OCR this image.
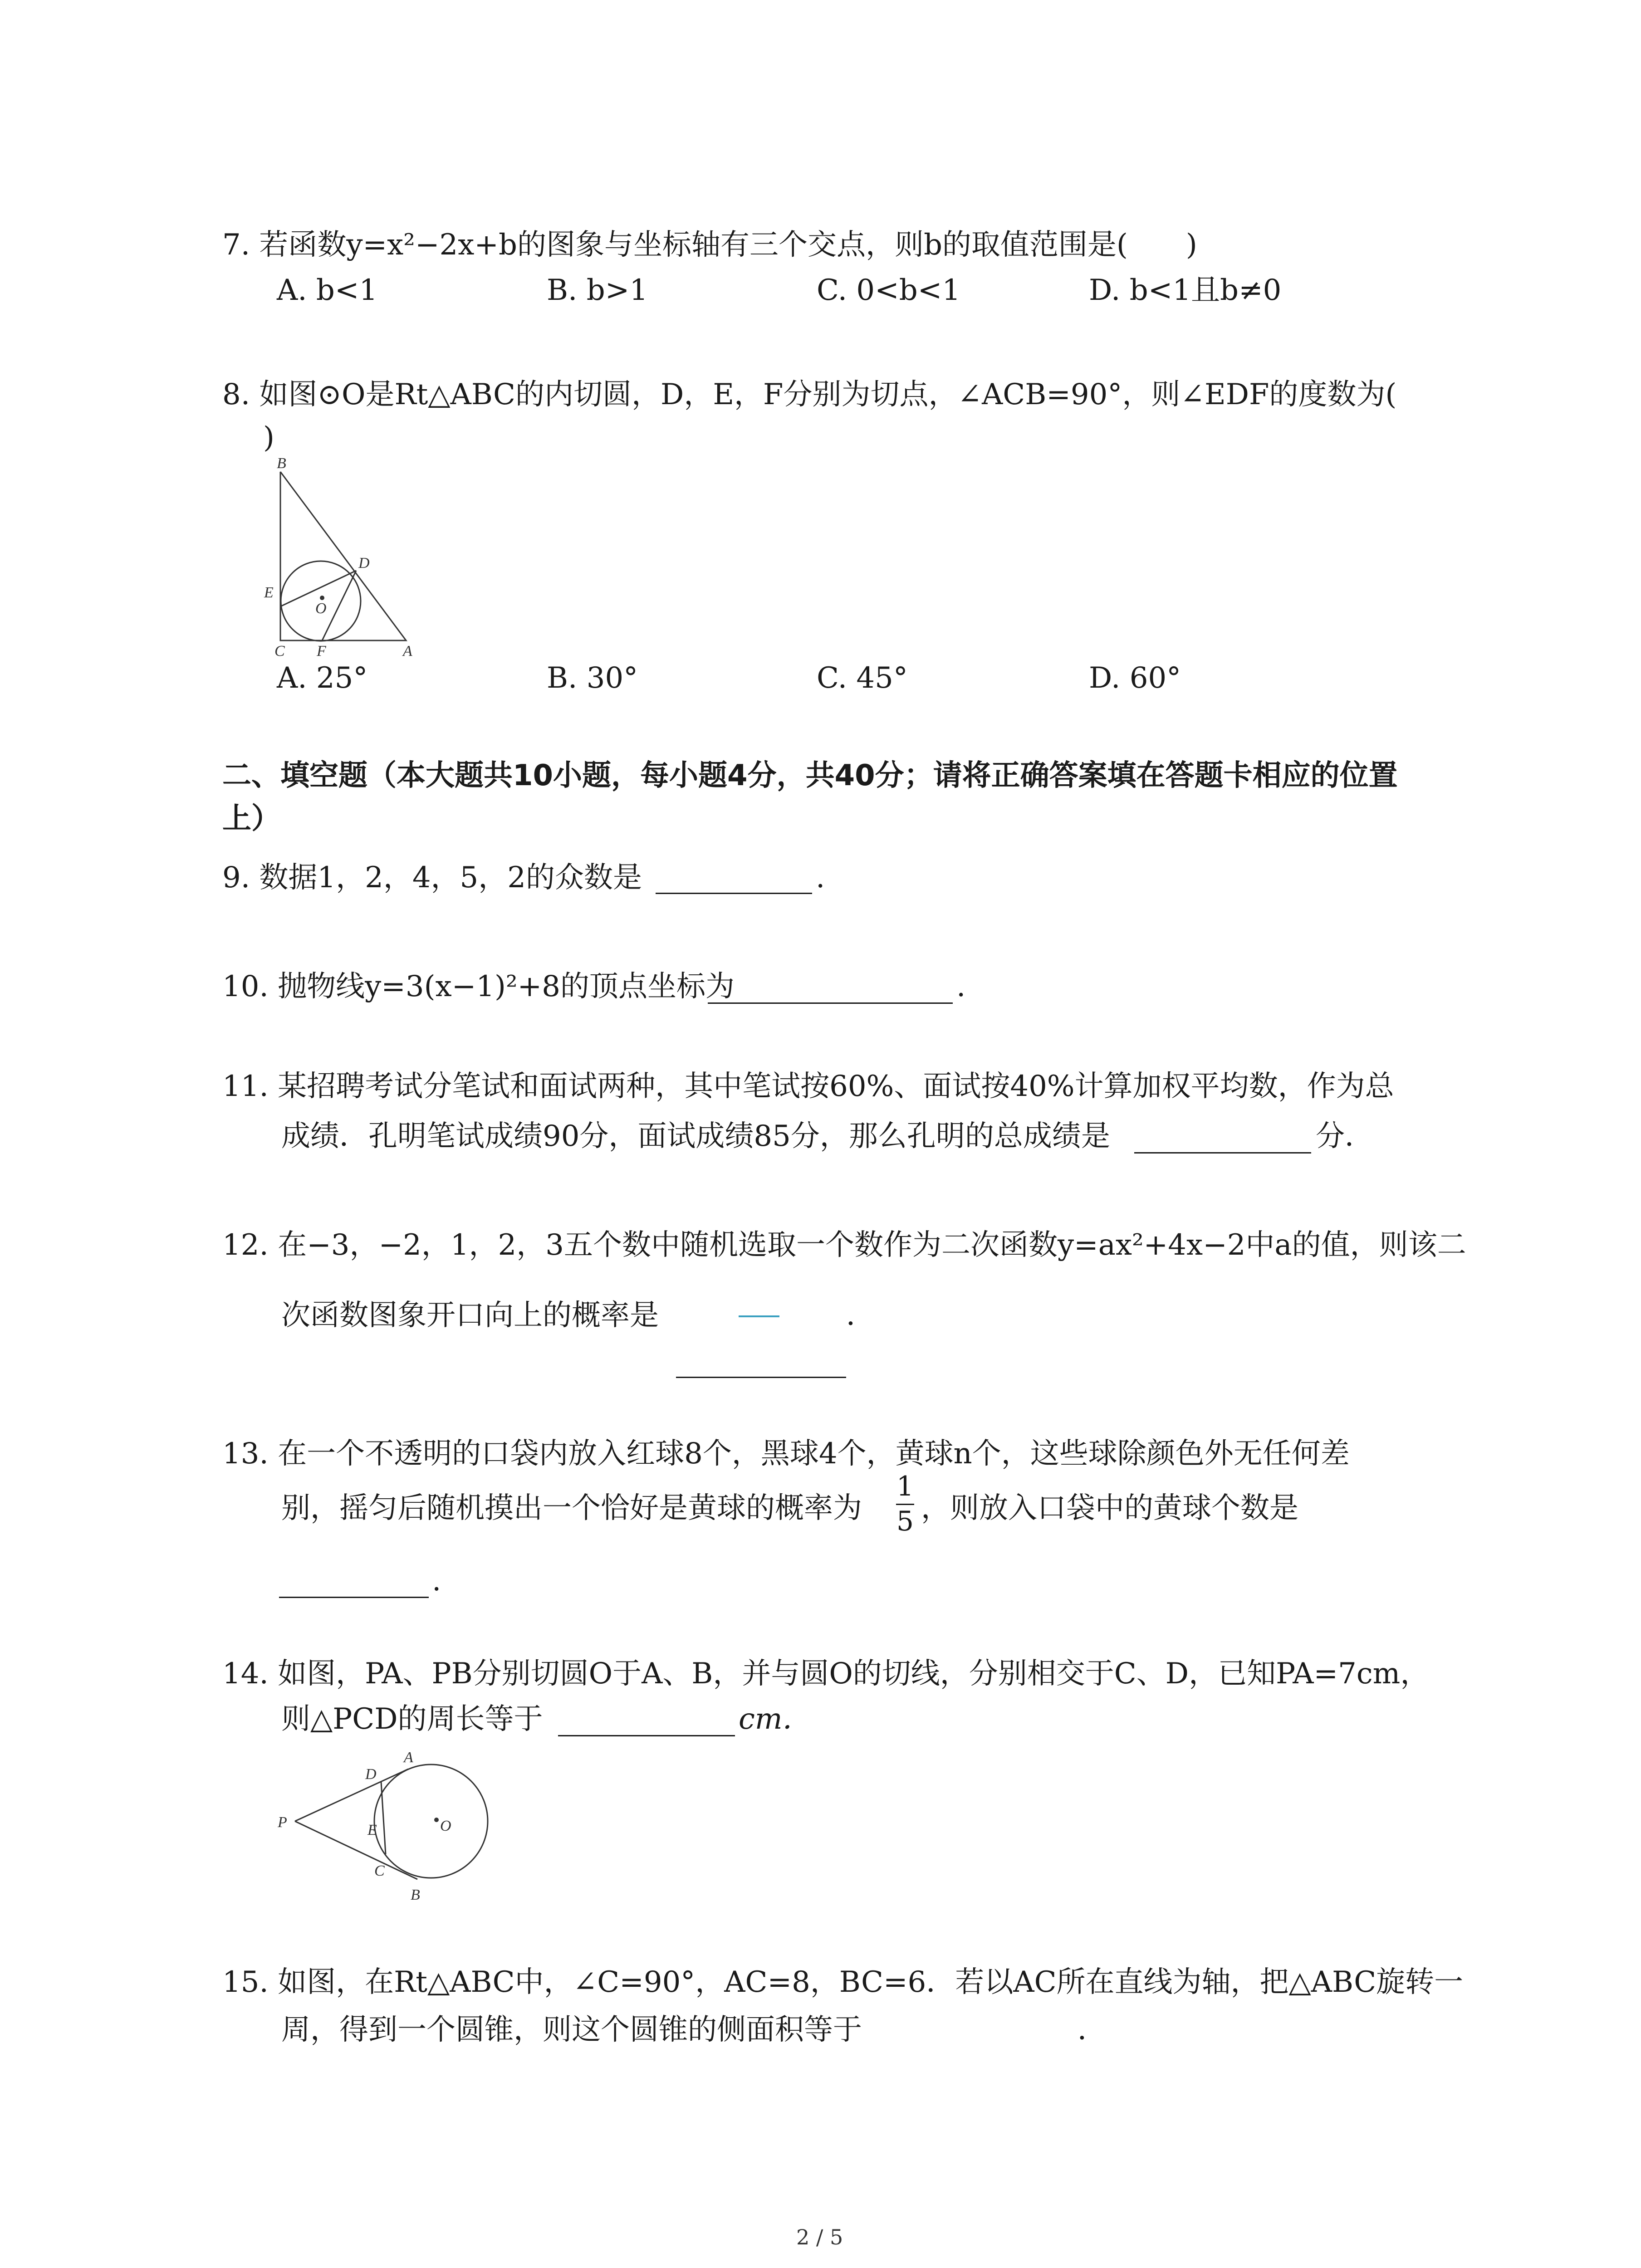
7. 若函数y=x²−2x+b的图象与坐标轴有三个交点，则b的取值范围是(　　)
A. b<1	B. b>1	C. 0<b<1	D. b<1且b≠0
8. 如图⊙O是Rt△ABC的内切圆，D，E，F分别为切点，∠ACB=90°，则∠EDF的度数为(
)
B
E
D
O
C F	A
A. 25°	B. 30°	C. 45°	D. 60°
二、填空题（本大题共10小题，每小题4分，共40分；请将正确答案填在答题卡相应的位置
上）
9. 数据1，2，4，5，2的众数是	.
10. 抛物线y=3(x−1)²+8的顶点坐标为	.
11. 某招聘考试分笔试和面试两种，其中笔试按60%、面试按40%计算加权平均数，作为总
成绩．孔明笔试成绩90分，面试成绩85分，那么孔明的总成绩是	分．
12. 在−3，−2，1，2，3五个数中随机选取一个数作为二次函数y=ax²+4x−2中a的值，则该二
次函数图象开口向上的概率是	．
13. 在一个不透明的口袋内放入红球8个，黑球4个，黄球n个，这些球除颜色外无任何差
别，摇匀后随机摸出一个恰好是黄球的概率为
1
5 ，则放入口袋中的黄球个数是
.
14. 如图，PA、PB分别切圆O于A、B，并与圆O的切线，分别相交于C、D，已知PA=7cm，
则△PCD的周长等于	cm．
P
D
A
E	O
C
B
15. 如图，在Rt△ABC中，∠C=90°，AC=8，BC=6．若以AC所在直线为轴，把△ABC旋转一
周，得到一个圆锥，则这个圆锥的侧面积等于	．
2 / 5
